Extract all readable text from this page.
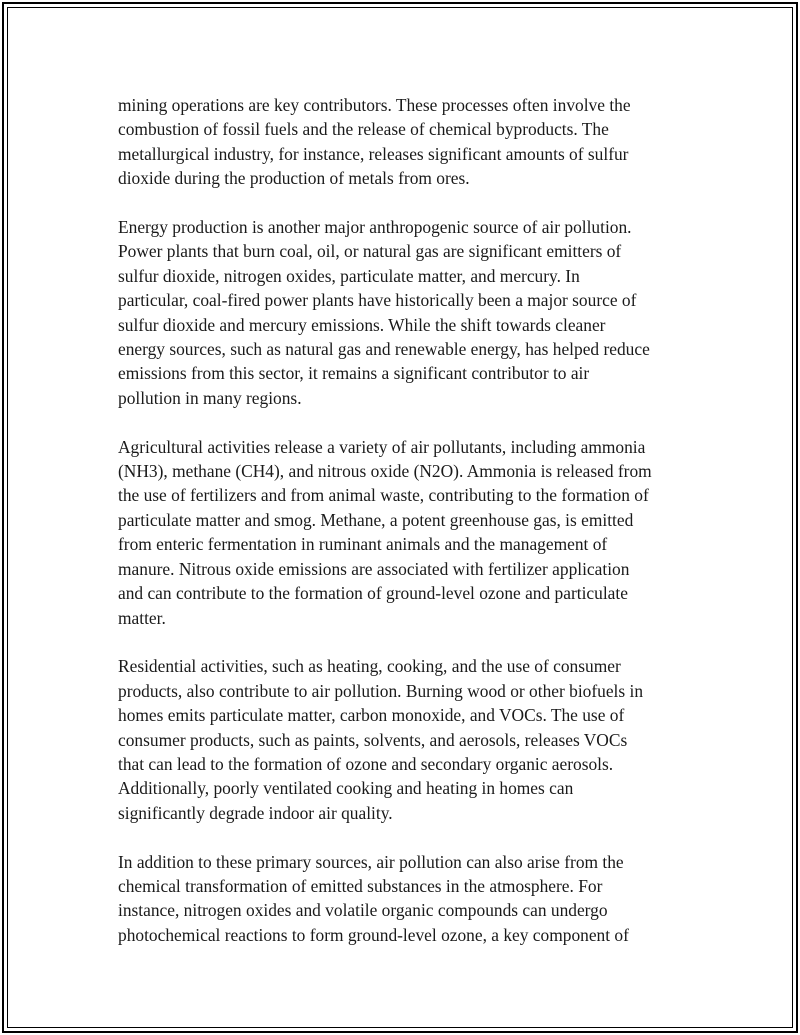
mining operations are key contributors. These processes often involve the
combustion of fossil fuels and the release of chemical byproducts. The
metallurgical industry, for instance, releases significant amounts of sulfur
dioxide during the production of metals from ores.

Energy production is another major anthropogenic source of air pollution.
Power plants that burn coal, oil, or natural gas are significant emitters of
sulfur dioxide, nitrogen oxides, particulate matter, and mercury. In
particular, coal-fired power plants have historically been a major source of
sulfur dioxide and mercury emissions. While the shift towards cleaner
energy sources, such as natural gas and renewable energy, has helped reduce
emissions from this sector, it remains a significant contributor to air
pollution in many regions.

Agricultural activities release a variety of air pollutants, including ammonia
(NH3), methane (CH4), and nitrous oxide (N2O). Ammonia is released from
the use of fertilizers and from animal waste, contributing to the formation of
particulate matter and smog. Methane, a potent greenhouse gas, is emitted
from enteric fermentation in ruminant animals and the management of
manure. Nitrous oxide emissions are associated with fertilizer application
and can contribute to the formation of ground-level ozone and particulate
matter.

Residential activities, such as heating, cooking, and the use of consumer
products, also contribute to air pollution. Burning wood or other biofuels in
homes emits particulate matter, carbon monoxide, and VOCs. The use of
consumer products, such as paints, solvents, and aerosols, releases VOCs
that can lead to the formation of ozone and secondary organic aerosols.
Additionally, poorly ventilated cooking and heating in homes can
significantly degrade indoor air quality.

In addition to these primary sources, air pollution can also arise from the
chemical transformation of emitted substances in the atmosphere. For
instance, nitrogen oxides and volatile organic compounds can undergo
photochemical reactions to form ground-level ozone, a key component of
